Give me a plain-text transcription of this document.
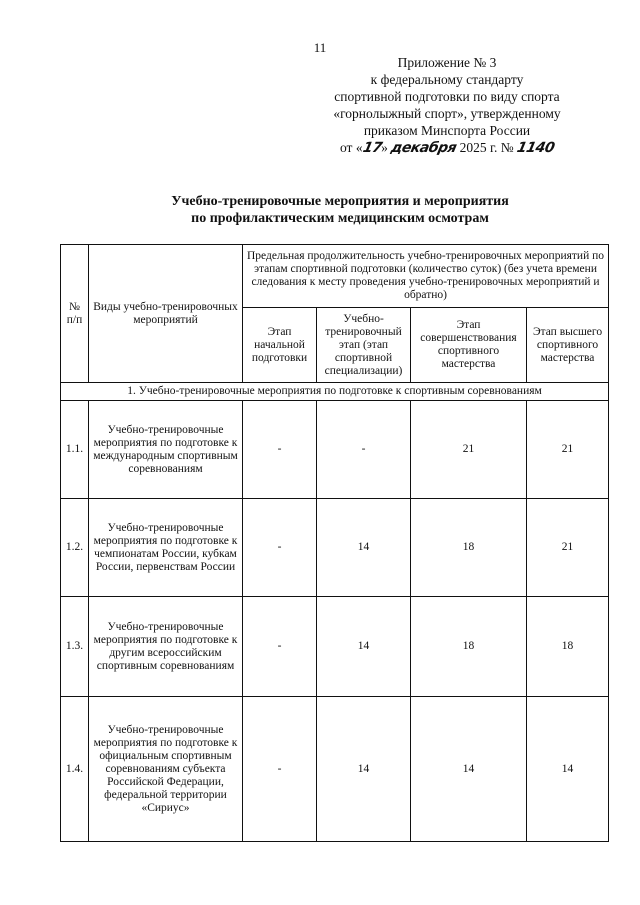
11
Приложение № 3
к федеральному стандарту
спортивной подготовки по виду спорта
«горнолыжный спорт», утвержденному
приказом Минспорта России
от «17» декабря 2025 г. № 1140
Учебно-тренировочные мероприятия и мероприятия
по профилактическим медицинским осмотрам
№ п/п	Виды учебно-тренировочных мероприятий	Предельная продолжительность учебно-тренировочных мероприятий по этапам спортивной подготовки (количество суток) (без учета времени следования к месту проведения учебно-тренировочных мероприятий и обратно)			
		Этап начальной подготовки	Учебно-тренировочный этап (этап спортивной специализации)	Этап совершенствования спортивного мастерства	Этап высшего спортивного мастерства
1. Учебно-тренировочные мероприятия по подготовке к спортивным соревнованиям					
1.1.	Учебно-тренировочные мероприятия по подготовке к международным спортивным соревнованиям	-	-	21	21
1.2.	Учебно-тренировочные мероприятия по подготовке к чемпионатам России, кубкам России, первенствам России	-	14	18	21
1.3.	Учебно-тренировочные мероприятия по подготовке к другим всероссийским спортивным соревнованиям	-	14	18	18
1.4.	Учебно-тренировочные мероприятия по подготовке к официальным спортивным соревнованиям субъекта Российской Федерации, федеральной территории «Сириус»	-	14	14	14
